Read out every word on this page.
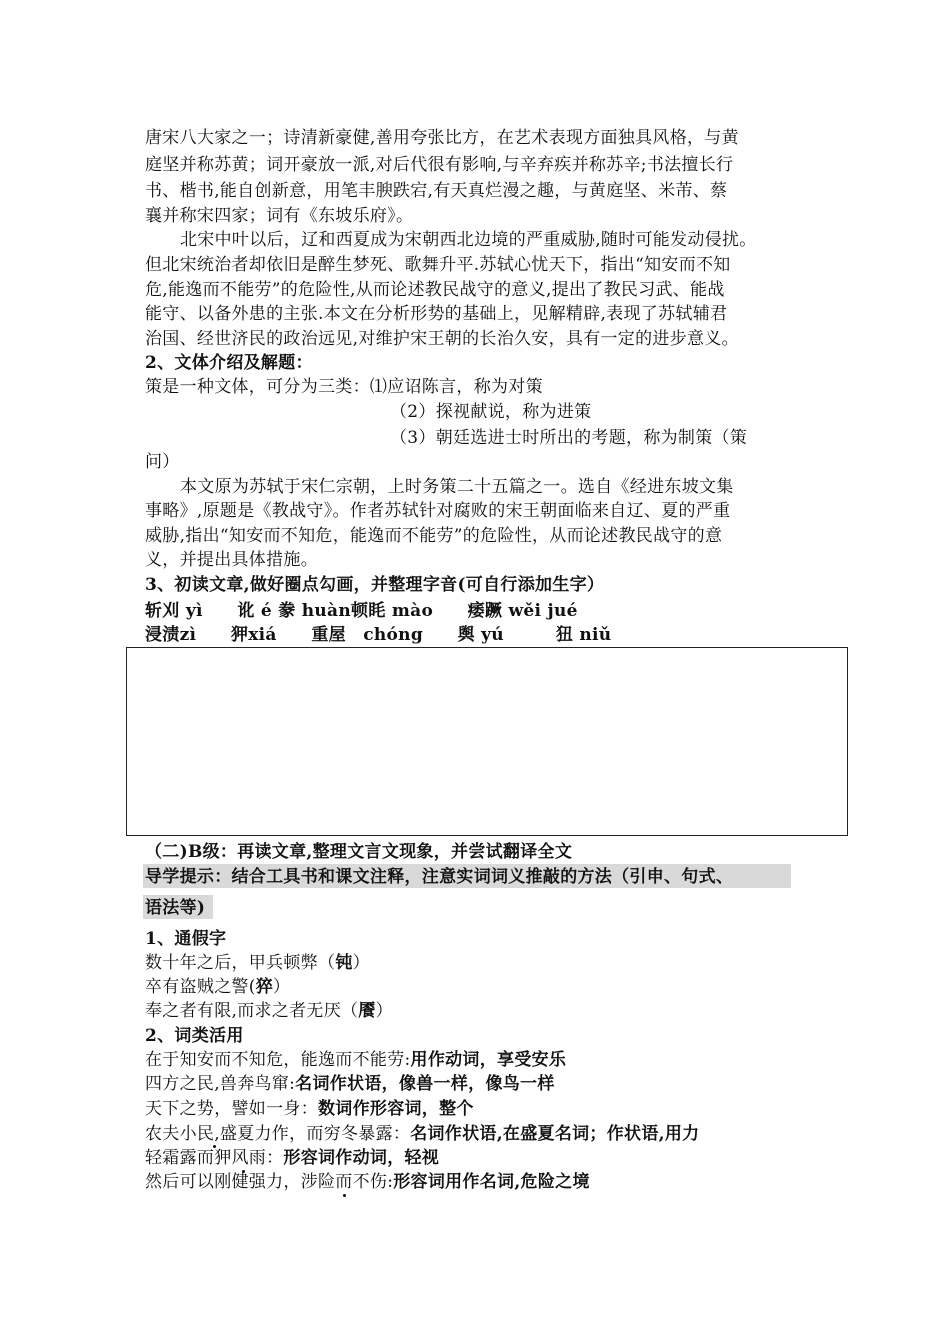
唐宋八大家之一；诗清新豪健,善用夸张比方，在艺术表现方面独具风格，与黄
庭坚并称苏黄；词开豪放一派,对后代很有影响,与辛弃疾并称苏辛;书法擅长行
书、楷书,能自创新意，用笔丰腴跌宕,有天真烂漫之趣，与黄庭坚、米芾、蔡
襄并称宋四家；词有《东坡乐府》。
北宋中叶以后，辽和西夏成为宋朝西北边境的严重威胁,随时可能发动侵扰。
但北宋统治者却依旧是醉生梦死、歌舞升平.苏轼心忧天下，指出“知安而不知
危,能逸而不能劳”的危险性,从而论述教民战守的意义,提出了教民习武、能战
能守、以备外患的主张.本文在分析形势的基础上，见解精辟,表现了苏轼辅君
治国、经世济民的政治远见,对维护宋王朝的长治久安，具有一定的进步意义。
2、文体介绍及解题：
策是一种文体，可分为三类：⑴应诏陈言，称为对策
（2）探视献说，称为进策
（3）朝廷选进士时所出的考题，称为制策（策
问）
本文原为苏轼于宋仁宗朝，上时务策二十五篇之一。选自《经进东坡文集
事略》,原题是《教战守》。作者苏轼针对腐败的宋王朝面临来自辽、夏的严重
威胁,指出“知安而不知危，能逸而不能劳”的危险性，从而论述教民战守的意
义，并提出具体措施。
3、初读文章,做好圈点勾画，并整理字音(可自行添加生字）
斩刈 yì　　讹 é 豢 huàn顿眊 mào　　痿蹶 wěi jué
浸渍zì　　狎xiá　　重屋　chóng　　舆 yú　　　狃 niǔ
（二)B级：再读文章,整理文言文现象，并尝试翻译全文
导学提示：结合工具书和课文注释，注意实词词义推敲的方法（引申、句式、
语法等)
1、通假字
数十年之后，甲兵顿弊（钝）
卒有盗贼之警(猝）
奉之者有限,而求之者无厌（餍）
2、词类活用
在于知安而不知危，能逸而不能劳:用作动词，享受安乐
四方之民,兽奔鸟窜:名词作状语，像兽一样，像鸟一样
天下之势，譬如一身：数词作形容词，整个
农夫小民,盛夏力作，而穷冬暴露：名词作状语,在盛夏名词；作状语,用力
轻霜露而狎风雨：形容词作动词，轻视
然后可以刚健强力，涉险而不伤:形容词用作名词,危险之境
